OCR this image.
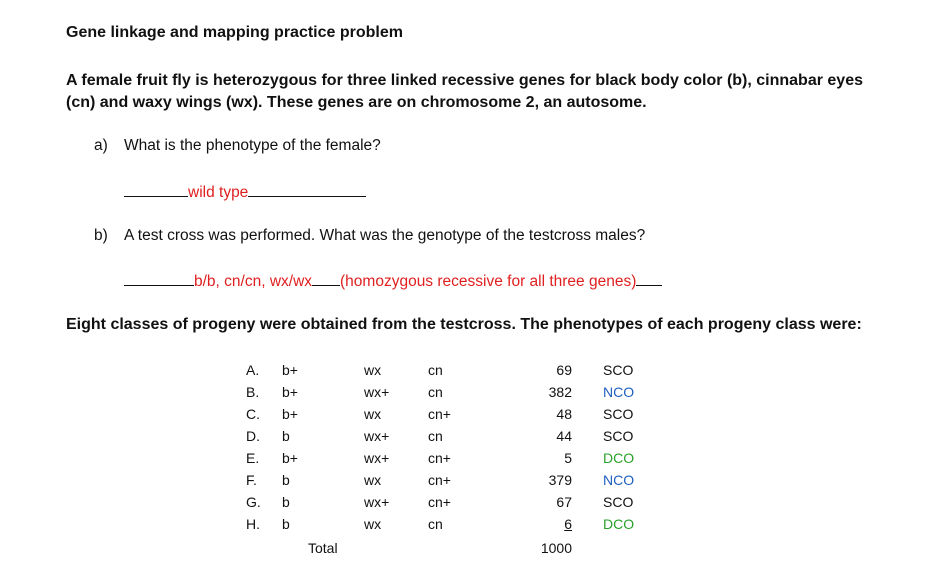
Gene linkage and mapping practice problem
A female fruit fly is heterozygous for three linked recessive genes for black body color (b), cinnabar eyes
(cn) and waxy wings (wx). These genes are on chromosome 2, an autosome.
a) What is the phenotype of the female?
wild type
b) A test cross was performed. What was the genotype of the testcross males?
b/b, cn/cn, wx/wx (homozygous recessive for all three genes)
Eight classes of progeny were obtained from the testcross. The phenotypes of each progeny class were:
A. b+	wx	cn	69 SCO
B. b+	wx+	cn	382 NCO
C. b+	wx	cn+	48 SCO
D. b	wx+	cn	44 SCO
E. b+	wx+	cn+	5 DCO
F. b	wx	cn+	379 NCO
G. b	wx+	cn+	67 SCO
H. b	wx	cn	6 DCO
Total	1000
